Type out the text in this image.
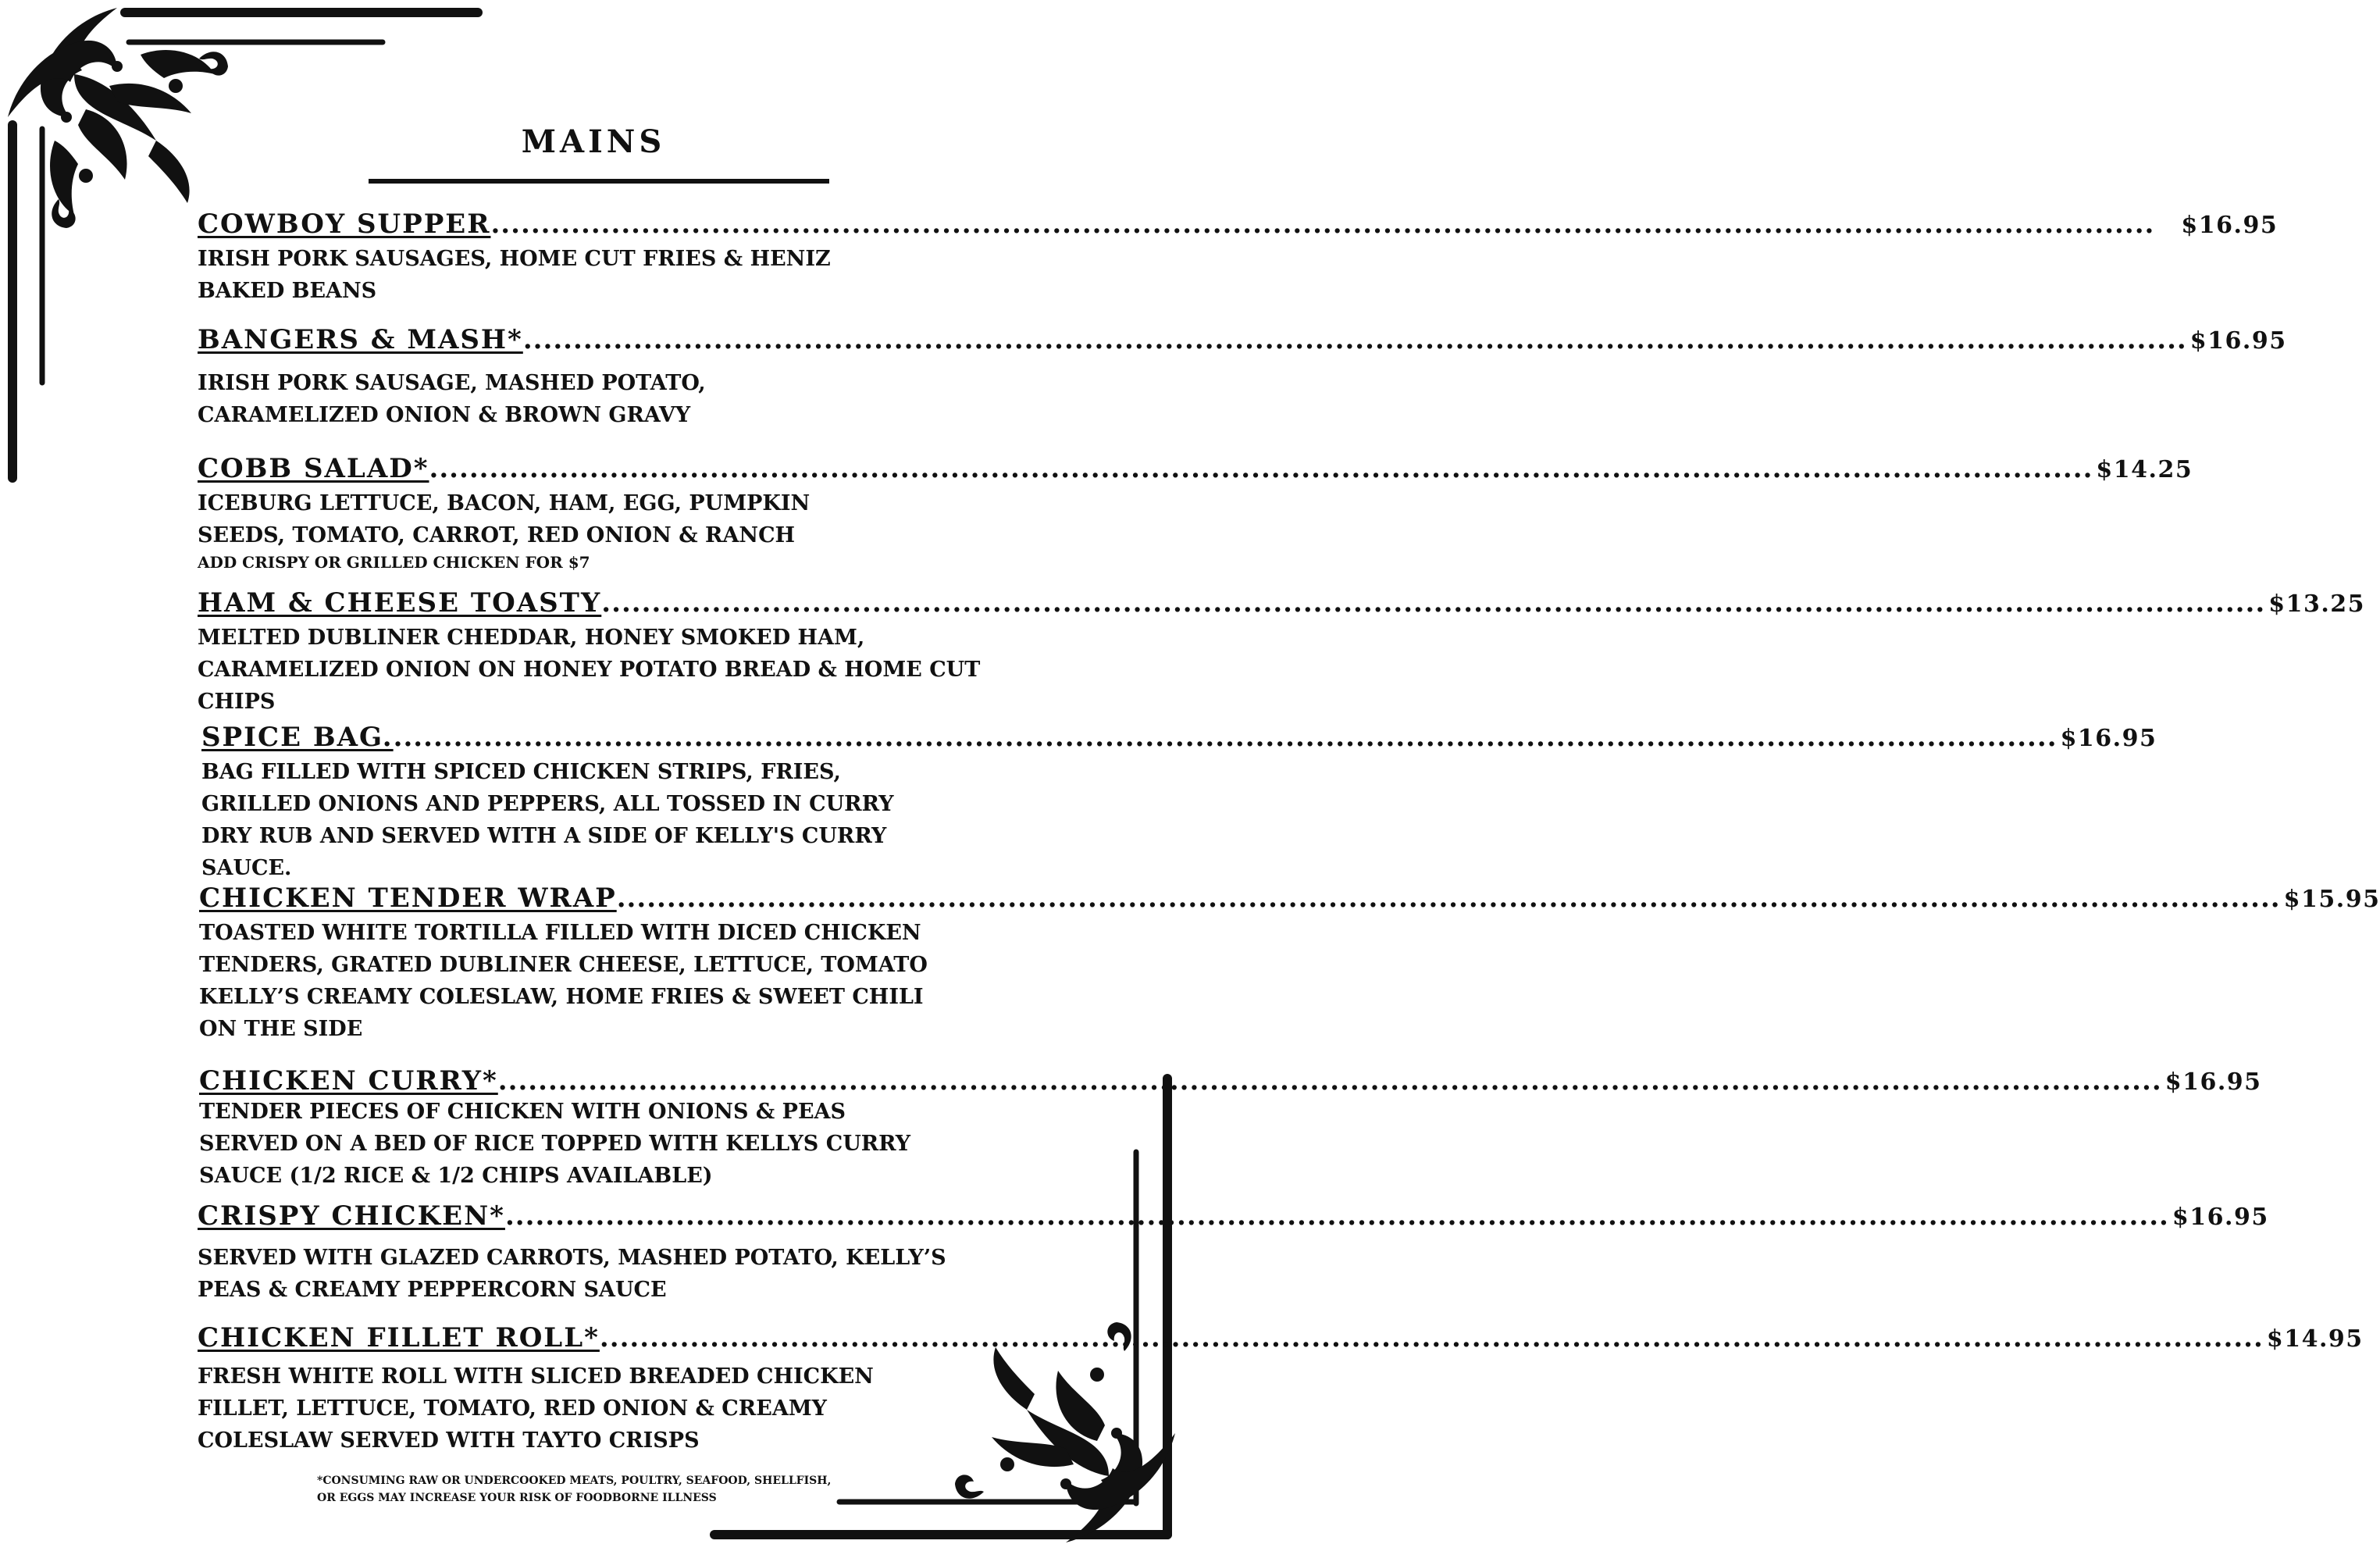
MAINS
COWBOY SUPPER .....	$16.95
IRISH PORK SAUSAGES, HOME CUT FRIES & HENIZ BAKED BEANS
BANGERS & MASH* .....	$16.95
IRISH PORK SAUSAGE, MASHED POTATO, CARAMELIZED ONION & BROWN GRAVY
COBB SALAD* .....	$14.25
ICEBURG LETTUCE, BACON, HAM, EGG, PUMPKIN SEEDS, TOMATO, CARROT, RED ONION & RANCH
ADD CRISPY OR GRILLED CHICKEN FOR $7
HAM & CHEESE TOASTY .....	$13.25
MELTED DUBLINER CHEDDAR, HONEY SMOKED HAM, CARAMELIZED ONION ON HONEY POTATO BREAD & HOME CUT CHIPS
SPICE BAG. .....	$16.95
BAG FILLED WITH SPICED CHICKEN STRIPS, FRIES, GRILLED ONIONS AND PEPPERS, ALL TOSSED IN CURRY DRY RUB AND SERVED WITH A SIDE OF KELLY'S CURRY SAUCE.
CHICKEN TENDER WRAP .....	$15.95
TOASTED WHITE TORTILLA FILLED WITH DICED CHICKEN TENDERS, GRATED DUBLINER CHEESE, LETTUCE, TOMATO KELLY’S CREAMY COLESLAW, HOME FRIES & SWEET CHILI ON THE SIDE
CHICKEN CURRY* .....	$16.95
TENDER PIECES OF CHICKEN WITH ONIONS & PEAS SERVED ON A BED OF RICE TOPPED WITH KELLYS CURRY SAUCE (1/2 RICE & 1/2 CHIPS AVAILABLE)
CRISPY CHICKEN* .....	$16.95
SERVED WITH GLAZED CARROTS, MASHED POTATO, KELLY’S PEAS & CREAMY PEPPERCORN SAUCE
CHICKEN FILLET ROLL* .....	$14.95
FRESH WHITE ROLL WITH SLICED BREADED CHICKEN FILLET, LETTUCE, TOMATO, RED ONION & CREAMY COLESLAW SERVED WITH TAYTO CRISPS
*CONSUMING RAW OR UNDERCOOKED MEATS, POULTRY, SEAFOOD, SHELLFISH,
OR EGGS MAY INCREASE YOUR RISK OF FOODBORNE ILLNESS
